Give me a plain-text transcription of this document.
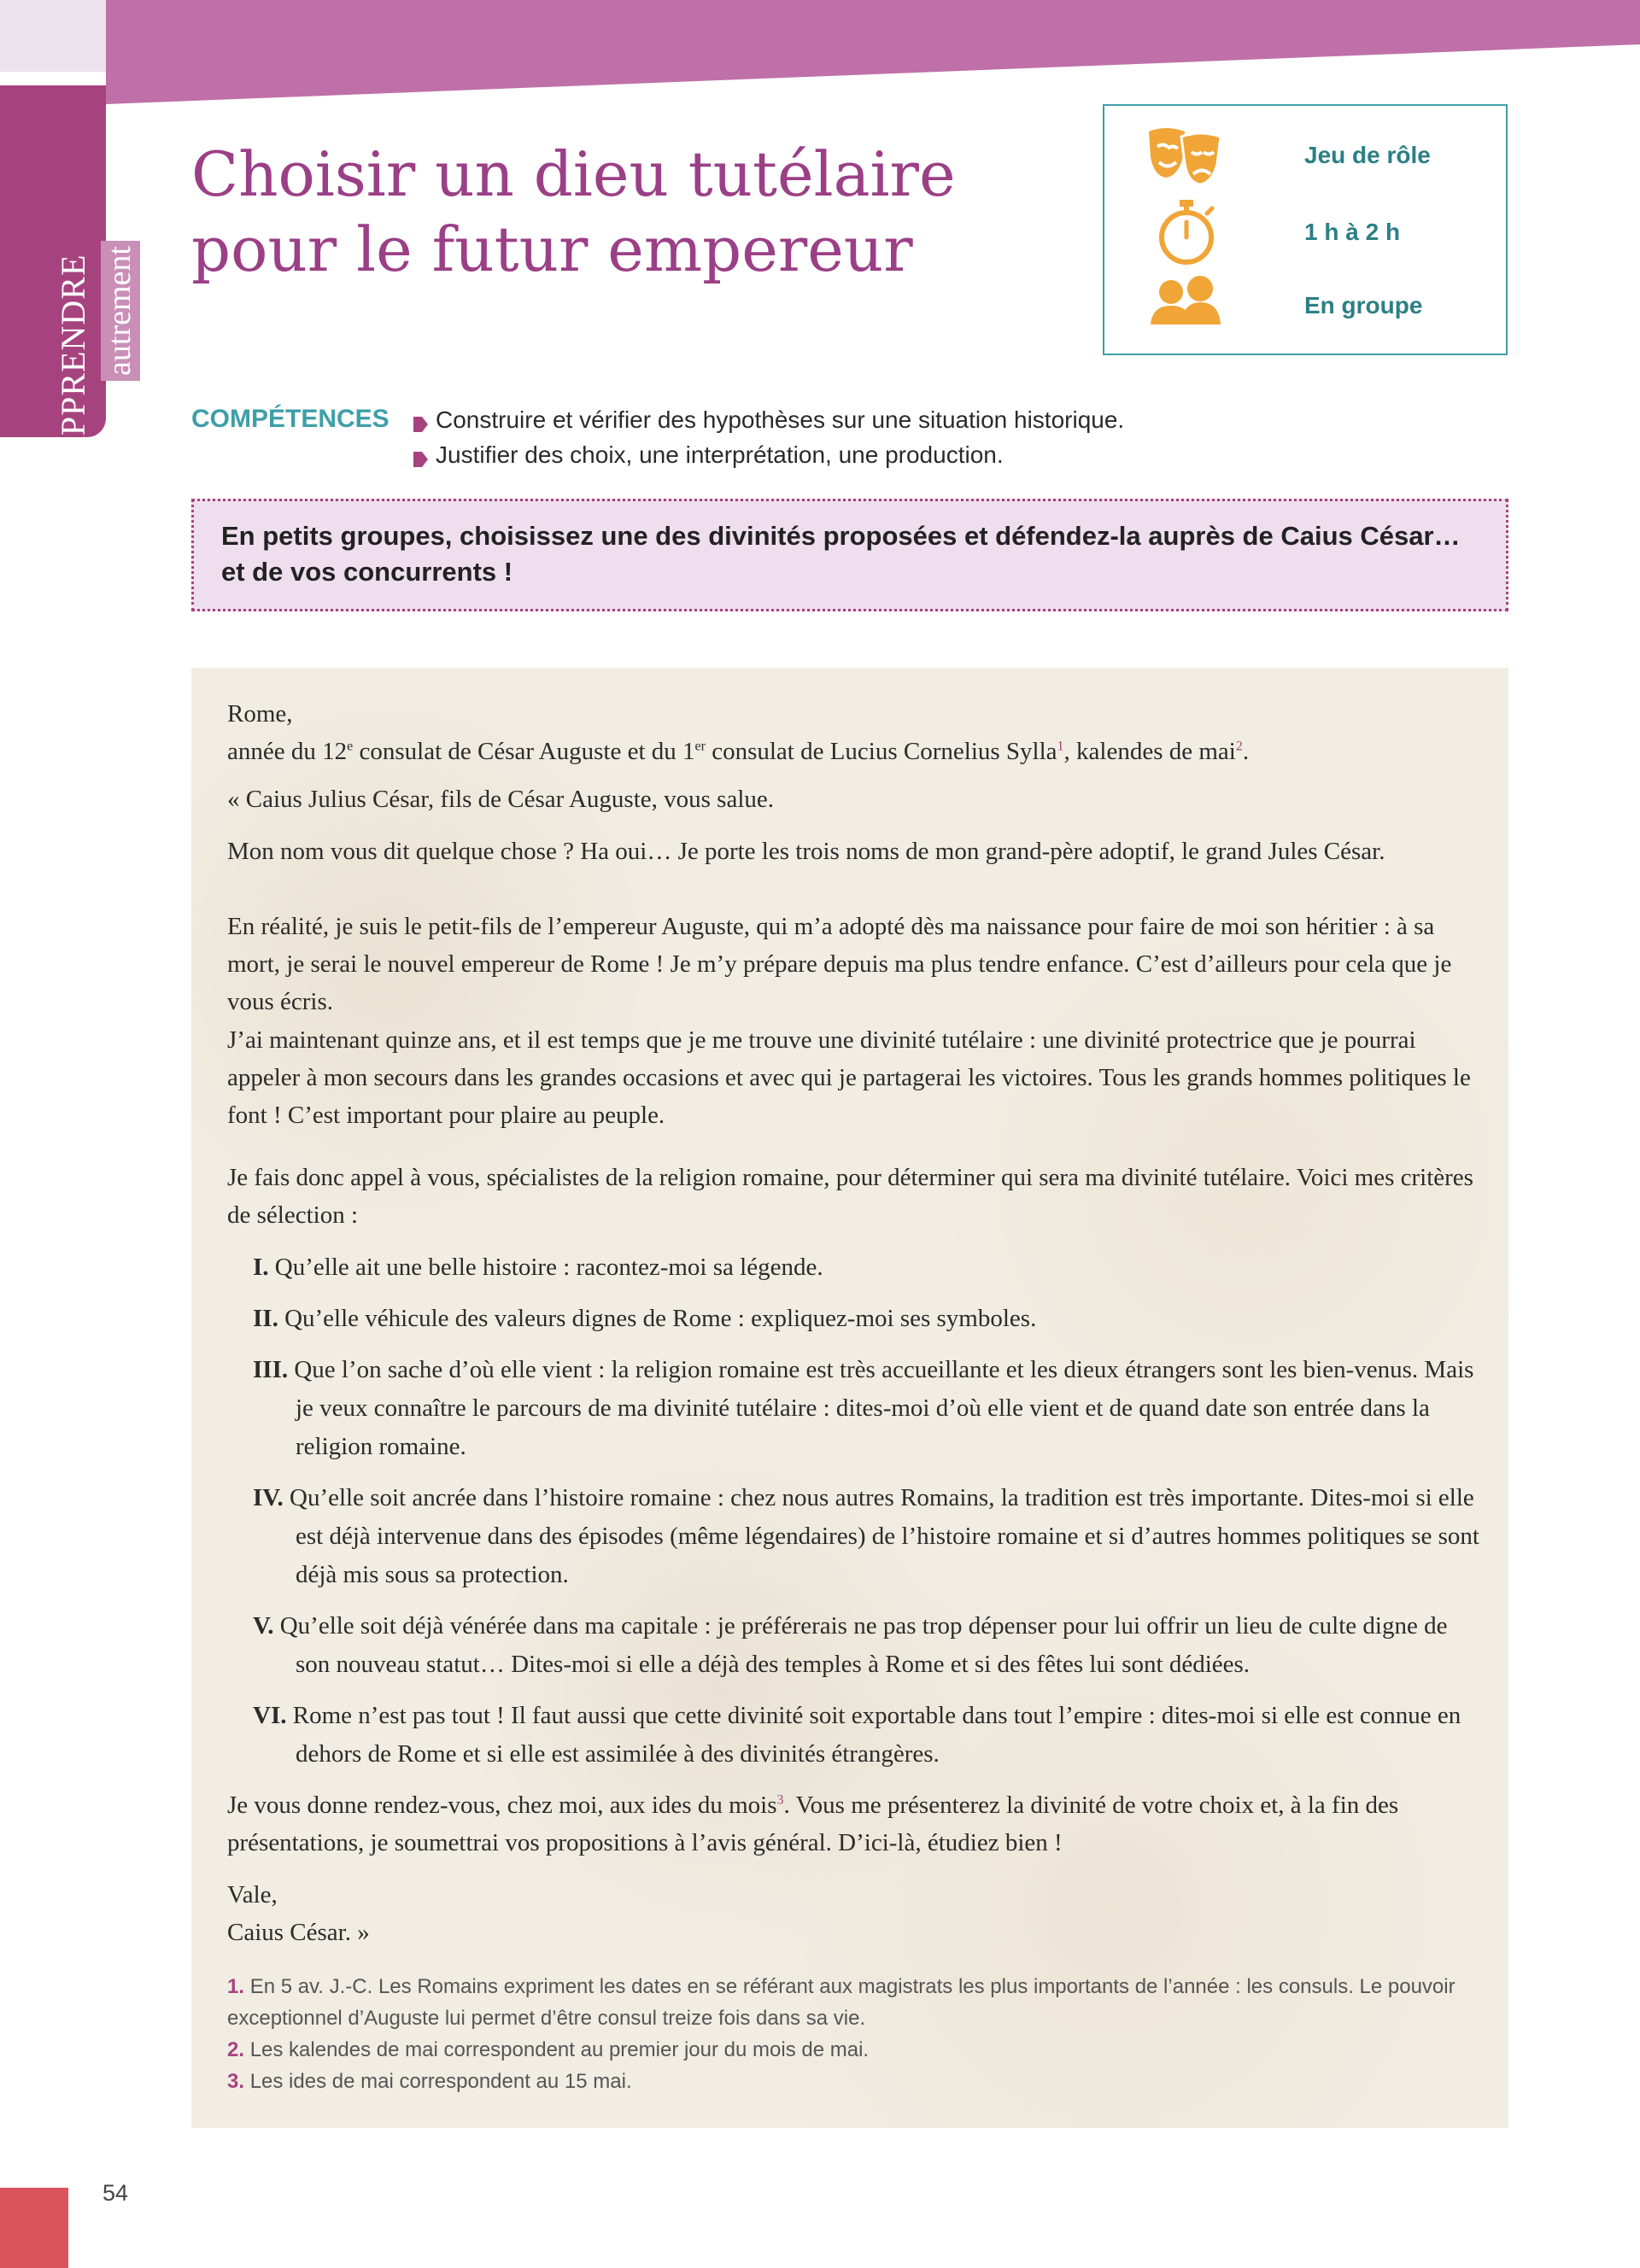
APPRENDRE autrement
Choisir un dieu tutélaire
pour le futur empereur
Jeu de rôle
1 h à 2 h
En groupe
COMPÉTENCES	Construire et vérifier des hypothèses sur une situation historique.
Justifier des choix, une interprétation, une production.
En petits groupes, choisissez une des divinités proposées et défendez-la auprès de Caius César…
et de vos concurrents !
Rome,
année du 12e consulat de César Auguste et du 1er consulat de Lucius Cornelius Sylla$^1$, kalendes de mai$^2$.
« Caius Julius César, fils de César Auguste, vous salue.
Mon nom vous dit quelque chose ? Ha oui… Je porte les trois noms de mon grand-père adoptif, le grand Jules César.
En réalité, je suis le petit-fils de l’empereur Auguste, qui m’a adopté dès ma naissance pour faire de moi son héritier : à sa mort, je serai le nouvel empereur de Rome ! Je m’y prépare depuis ma plus tendre enfance. C’est d’ailleurs pour cela que je vous écris.
J’ai maintenant quinze ans, et il est temps que je me trouve une divinité tutélaire : une divinité protectrice que je pourrai appeler à mon secours dans les grandes occasions et avec qui je partagerai les victoires. Tous les grands hommes politiques le font ! C’est important pour plaire au peuple.
Je fais donc appel à vous, spécialistes de la religion romaine, pour déterminer qui sera ma divinité tutélaire. Voici mes critères de sélection :
I. Qu’elle ait une belle histoire : racontez-moi sa légende.
II. Qu’elle véhicule des valeurs dignes de Rome : expliquez-moi ses symboles.
III. Que l’on sache d’où elle vient : la religion romaine est très accueillante et les dieux étrangers sont les bien-venus. Mais je veux connaître le parcours de ma divinité tutélaire : dites-moi d’où elle vient et de quand date son entrée dans la religion romaine.
IV. Qu’elle soit ancrée dans l’histoire romaine : chez nous autres Romains, la tradition est très importante. Dites-moi si elle est déjà intervenue dans des épisodes (même légendaires) de l’histoire romaine et si d’autres hommes politiques se sont déjà mis sous sa protection.
V. Qu’elle soit déjà vénérée dans ma capitale : je préférerais ne pas trop dépenser pour lui offrir un lieu de culte digne de son nouveau statut… Dites-moi si elle a déjà des temples à Rome et si des fêtes lui sont dédiées.
VI. Rome n’est pas tout ! Il faut aussi que cette divinité soit exportable dans tout l’empire : dites-moi si elle est connue en dehors de Rome et si elle est assimilée à des divinités étrangères.
Je vous donne rendez-vous, chez moi, aux ides du mois$^3$. Vous me présenterez la divinité de votre choix et, à la fin des présentations, je soumettrai vos propositions à l’avis général. D’ici-là, étudiez bien !
Vale,
Caius César. »

1. En 5 av. J.-C. Les Romains expriment les dates en se référant aux magistrats les plus importants de l’année : les consuls. Le pouvoir exceptionnel d’Auguste lui permet d’être consul treize fois dans sa vie.

2. Les kalendes de mai correspondent au premier jour du mois de mai.

3. Les ides de mai correspondent au 15 mai.

54
